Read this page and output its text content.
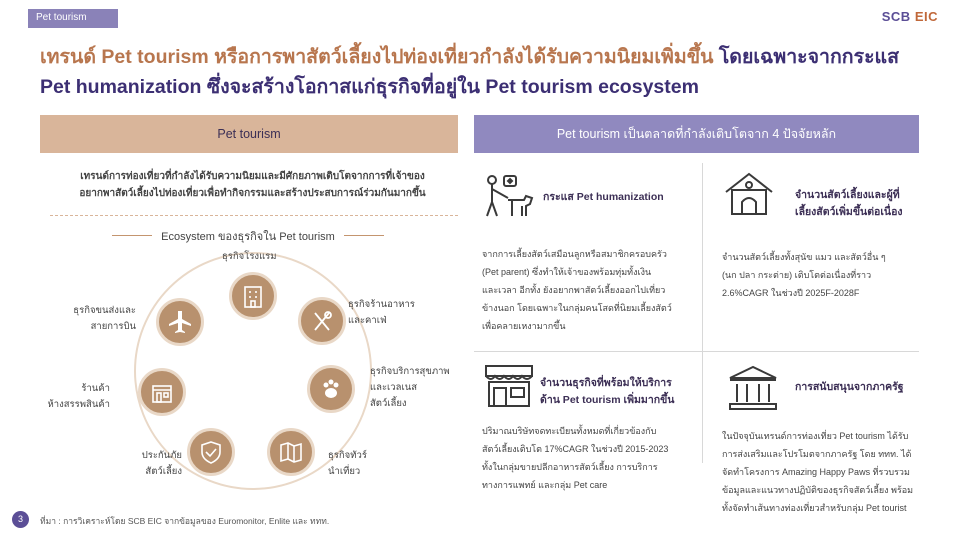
Pet tourism	SCB EIC
เทรนด์ Pet tourism หรือการพาสัตว์เลี้ยงไปท่องเที่ยวกำลังได้รับความนิยมเพิ่มขึ้น โดยเฉพาะจากกระแส
Pet humanization ซึ่งจะสร้างโอกาสแก่ธุรกิจที่อยู่ใน Pet tourism ecosystem
Pet tourism	Pet tourism เป็นตลาดที่กำลังเติบโตจาก 4 ปัจจัยหลัก
เทรนด์การท่องเที่ยวที่กำลังได้รับความนิยมและมีศักยภาพเติบโตจากการที่เจ้าของ
อยากพาสัตว์เลี้ยงไปท่องเที่ยวเพื่อทำกิจกรรมและสร้างประสบการณ์ร่วมกันมากขึ้น
Ecosystem ของธุรกิจใน Pet tourism
ธุรกิจโรงแรม
ธุรกิจร้านอาหาร
และคาเฟ่
ธุรกิจบริการสุขภาพ
และเวลเนส
สัตว์เลี้ยง
ธุรกิจทัวร์
นำเที่ยว
ประกันภัย
สัตว์เลี้ยง
ร้านค้า
ห้างสรรพสินค้า
ธุรกิจขนส่งและ
สายการบิน
กระแส Pet humanization
จากการเลี้ยงสัตว์เสมือนลูกหรือสมาชิกครอบครัว
(Pet parent) ซึ่งทำให้เจ้าของพร้อมทุ่มทั้งเงิน
และเวลา อีกทั้ง ยังอยากพาสัตว์เลี้ยงออกไปเที่ยว
ข้างนอก โดยเฉพาะในกลุ่มคนโสดที่นิยมเลี้ยงสัตว์
เพื่อคลายเหงามากขึ้น
จำนวนสัตว์เลี้ยงและผู้ที่
เลี้ยงสัตว์เพิ่มขึ้นต่อเนื่อง
จำนวนสัตว์เลี้ยงทั้งสุนัข แมว และสัตว์อื่น ๆ
(นก ปลา กระต่าย) เติบโตต่อเนื่องที่ราว
2.6%CAGR ในช่วงปี 2025F-2028F
จำนวนธุรกิจที่พร้อมให้บริการ
ด้าน Pet tourism เพิ่มมากขึ้น
ปริมาณบริษัทจดทะเบียนทั้งหมดที่เกี่ยวข้องกับ
สัตว์เลี้ยงเติบโต 17%CAGR ในช่วงปี 2015-2023
ทั้งในกลุ่มขายปลีกอาหารสัตว์เลี้ยง การบริการ
ทางการแพทย์ และกลุ่ม Pet care
การสนับสนุนจากภาครัฐ
ในปัจจุบันเทรนด์การท่องเที่ยว Pet tourism ได้รับ
การส่งเสริมและโปรโมตจากภาครัฐ โดย ททท. ได้
จัดทำโครงการ Amazing Happy Paws ที่รวบรวม
ข้อมูลและแนวทางปฏิบัติของธุรกิจสัตว์เลี้ยง พร้อม
ทั้งจัดทำเส้นทางท่องเที่ยวสำหรับกลุ่ม Pet tourist
3	ที่มา : การวิเคราะห์โดย SCB EIC จากข้อมูลของ Euromonitor, Enlite และ ททท.
